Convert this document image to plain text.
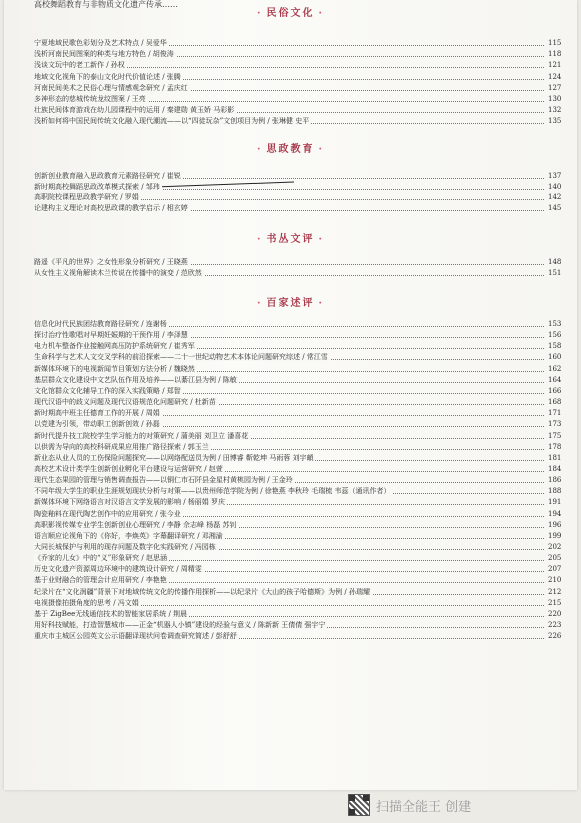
高校舞蹈教育与非物质文化遗产传承……
· 民俗文化 ·
宁夏地域民歌色彩划分及艺术特点 / 吴爱华	115
浅析河南民间图案的种类与地方特色 / 胡俊涛	118
浅谈文玩中的老工新作 / 孙权	121
地域文化视角下的泰山文化时代价值论述 / 张腾	124
河南民间美术之民俗心理与情感观念研究 / 孟庆红	127
多神形态的慈城传统龙纹图案 / 王亮	130
壮族民间体育游戏在幼儿园课程中的运用 / 秦建勋 黄玉娇 马彩影	132
浅析如何将中国民间传统文化融入现代潮流——以“四徒玩杂”文创项目为例 / 张琳健 史平	135
· 思政教育 ·
创新创业教育融入思政教育元素路径研究 / 崔锐	137
新时期高校舞蹈思政改革模式探索 / 邹玮	140
高职院校课程思政教学研究 / 罗娟	142
论建构主义理论对高校思政课的教学启示 / 相玄婷	145
· 书丛文评 ·
路遥《平凡的世界》之女性形象分析研究 / 王晓燕	148
从女性主义视角解读木兰传说在传播中的演变 / 范欣然	151
· 百家述评 ·
信息化时代民族团结教育路径研究 / 连谢杨	153
探讨治疗性歌唱对早期妊娠期的干预作用 / 李泽慧	156
电力机车整备作业接触网高压防护系统研究 / 崔秀军	158
生命科学与艺术人文交叉学科的前沿探索——二十一世纪动物艺术本体论问题研究综述 / 常江雪	160
新媒体环境下的电视新闻节目策划方法分析 / 魏晓然	162
基层群众文化建设中文艺队伍作用及培养——以綦江县为例 / 陈敏	164
文化馆群众文化辅导工作的深入实践策略 / 郑智	166
现代汉语中的歧义问题及现代汉语规范化问题研究 / 杜新苗	168
新时期高中班主任德育工作的开展 / 周娟	171
以党建为引领，带动职工创新创效 / 孙磊	173
新时代提升技工院校学生学习能力的对策研究 / 蒲美丽 刘卫立 潘喜花	175
以供需为导向的高校科研成果应用推广路径探索 / 郭玉兰	178
新业态从业人员的工伤保险问题探究——以网络配送员为例 / 田博睿 靳乾坤 马雨蓉 刘宇頔	181
高校艺术设计类学生创新创业孵化平台建设与运营研究 / 赵萱	184
现代生态果园的管理与销售调查报告——以铜仁市石阡县金星村黄桃园为例 / 王金玲	186
不同年级大学生的职业生涯规划现状分析与对策——以贵州师范学院为例 / 徐艳燕 李秋玲 毛瑞梳 韦蕊（通讯作者）	188
新媒体环境下网络语言对汉语言文学发展的影响 / 杨丽娟 罗庆	191
陶瓷釉料在现代陶艺创作中的应用研究 / 张今业	194
高职影视传媒专业学生创新创业心理研究 / 李静 佘志峰 杨磊 苏钊	196
语言顺应论视角下的《你好，李焕英》字幕翻译研究 / 邓湘渝	199
大同长城保护与利用的现存问题及数字化实践研究 / 冯园栋	202
《乔家的儿女》中的“义”形象研究 / 赵思涵	205
历史文化遗产资源周边环境中的建筑设计研究 / 周精雯	207
基于业财融合的管理会计应用研究 / 李艳艳	210
纪录片在“文化润疆”背景下对地域传统文化的传播作用探析——以纪录片《大山的孩子哈德斯》为例 / 孙瑞耀	212
电视摄像拍摄角度的思考 / 冯文娟	215
基于 ZigBee无线通信技术的智能家居系统 / 荆晨	220
用好科技赋能，打造智慧城市——正金“机器人小镇”建设的经验与意义 / 陈新新 王倩倩 强宇宁	223
重庆市主城区公园英文公示语翻译现状问卷调查研究简述 / 彭舒舒	226
扫描全能王 创建
